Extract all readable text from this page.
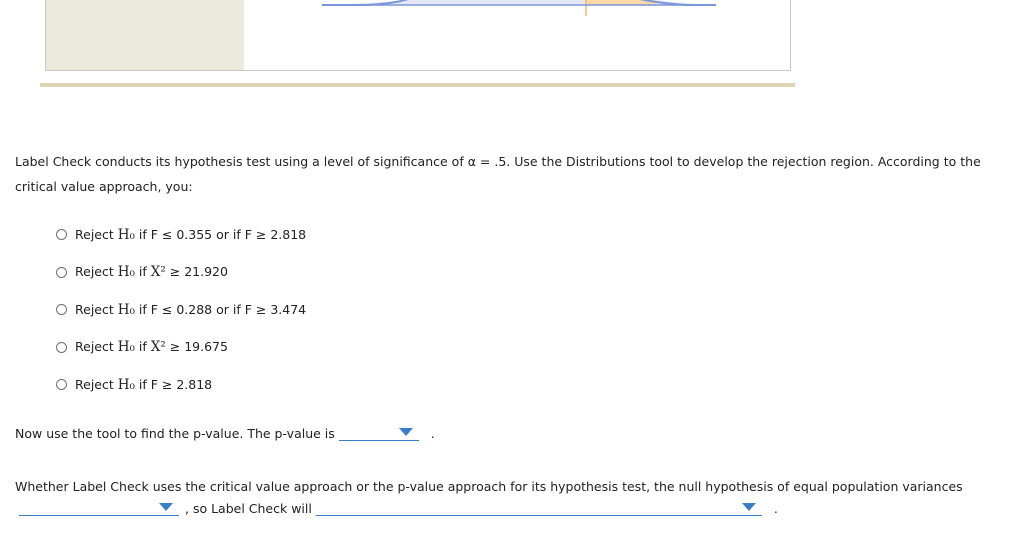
Label Check conducts its hypothesis test using a level of significance of α = .5. Use the Distributions tool to develop the rejection region. According to the critical value approach, you:
Reject H₀ if F ≤ 0.355 or if F ≥ 2.818
Reject H₀ if X² ≥ 21.920
Reject H₀ if F ≤ 0.288 or if F ≥ 3.474
Reject H₀ if X² ≥ 19.675
Reject H₀ if F ≥ 2.818
Now use the tool to find the p-value. The p-value is	.
Whether Label Check uses the critical value approach or the p-value approach for its hypothesis test, the null hypothesis of equal population variances
, so Label Check will	.
